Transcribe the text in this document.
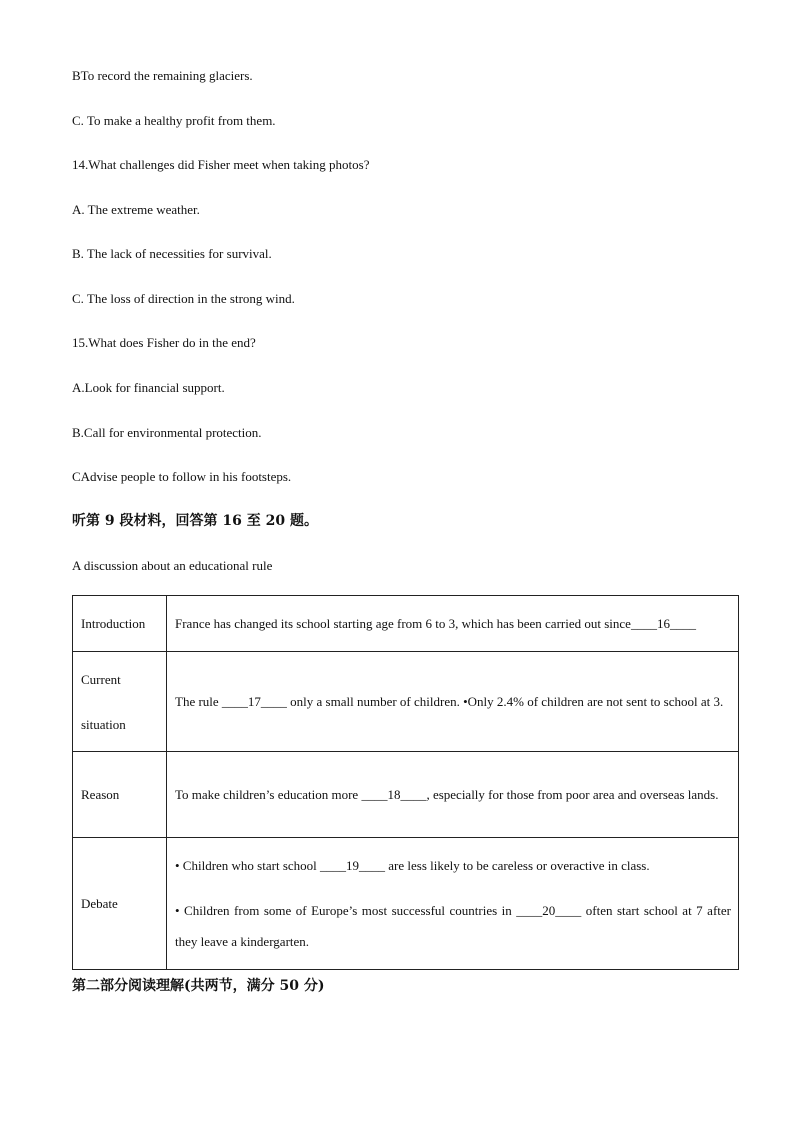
BTo record the remaining glaciers.
C. To make a healthy profit from them.
14.What challenges did Fisher meet when taking photos?
A. The extreme weather.
B. The lack of necessities for survival.
C. The loss of direction in the strong wind.
15.What does Fisher do in the end?
A.Look for financial support.
B.Call for environmental protection.
CAdvise people to follow in his footsteps.
听第 9 段材料，回答第 16 至 20 题。
A discussion about an educational rule
Introduction	France has changed its school starting age from 6 to 3, which has been carried out since____16____

Current
situation	The rule ____17____ only a small number of children. •Only 2.4% of children are not sent to school at 3.
Reason	To make children’s education more ____18____, especially for those from poor area and overseas lands.
Debate	• Children who start school ____19____ are less likely to be careless or overactive in class.

• Children from some of Europe’s most successful countries in ____20____ often start school at 7 after they leave a kindergarten.

第二部分阅读理解(共两节，满分 50 分)
